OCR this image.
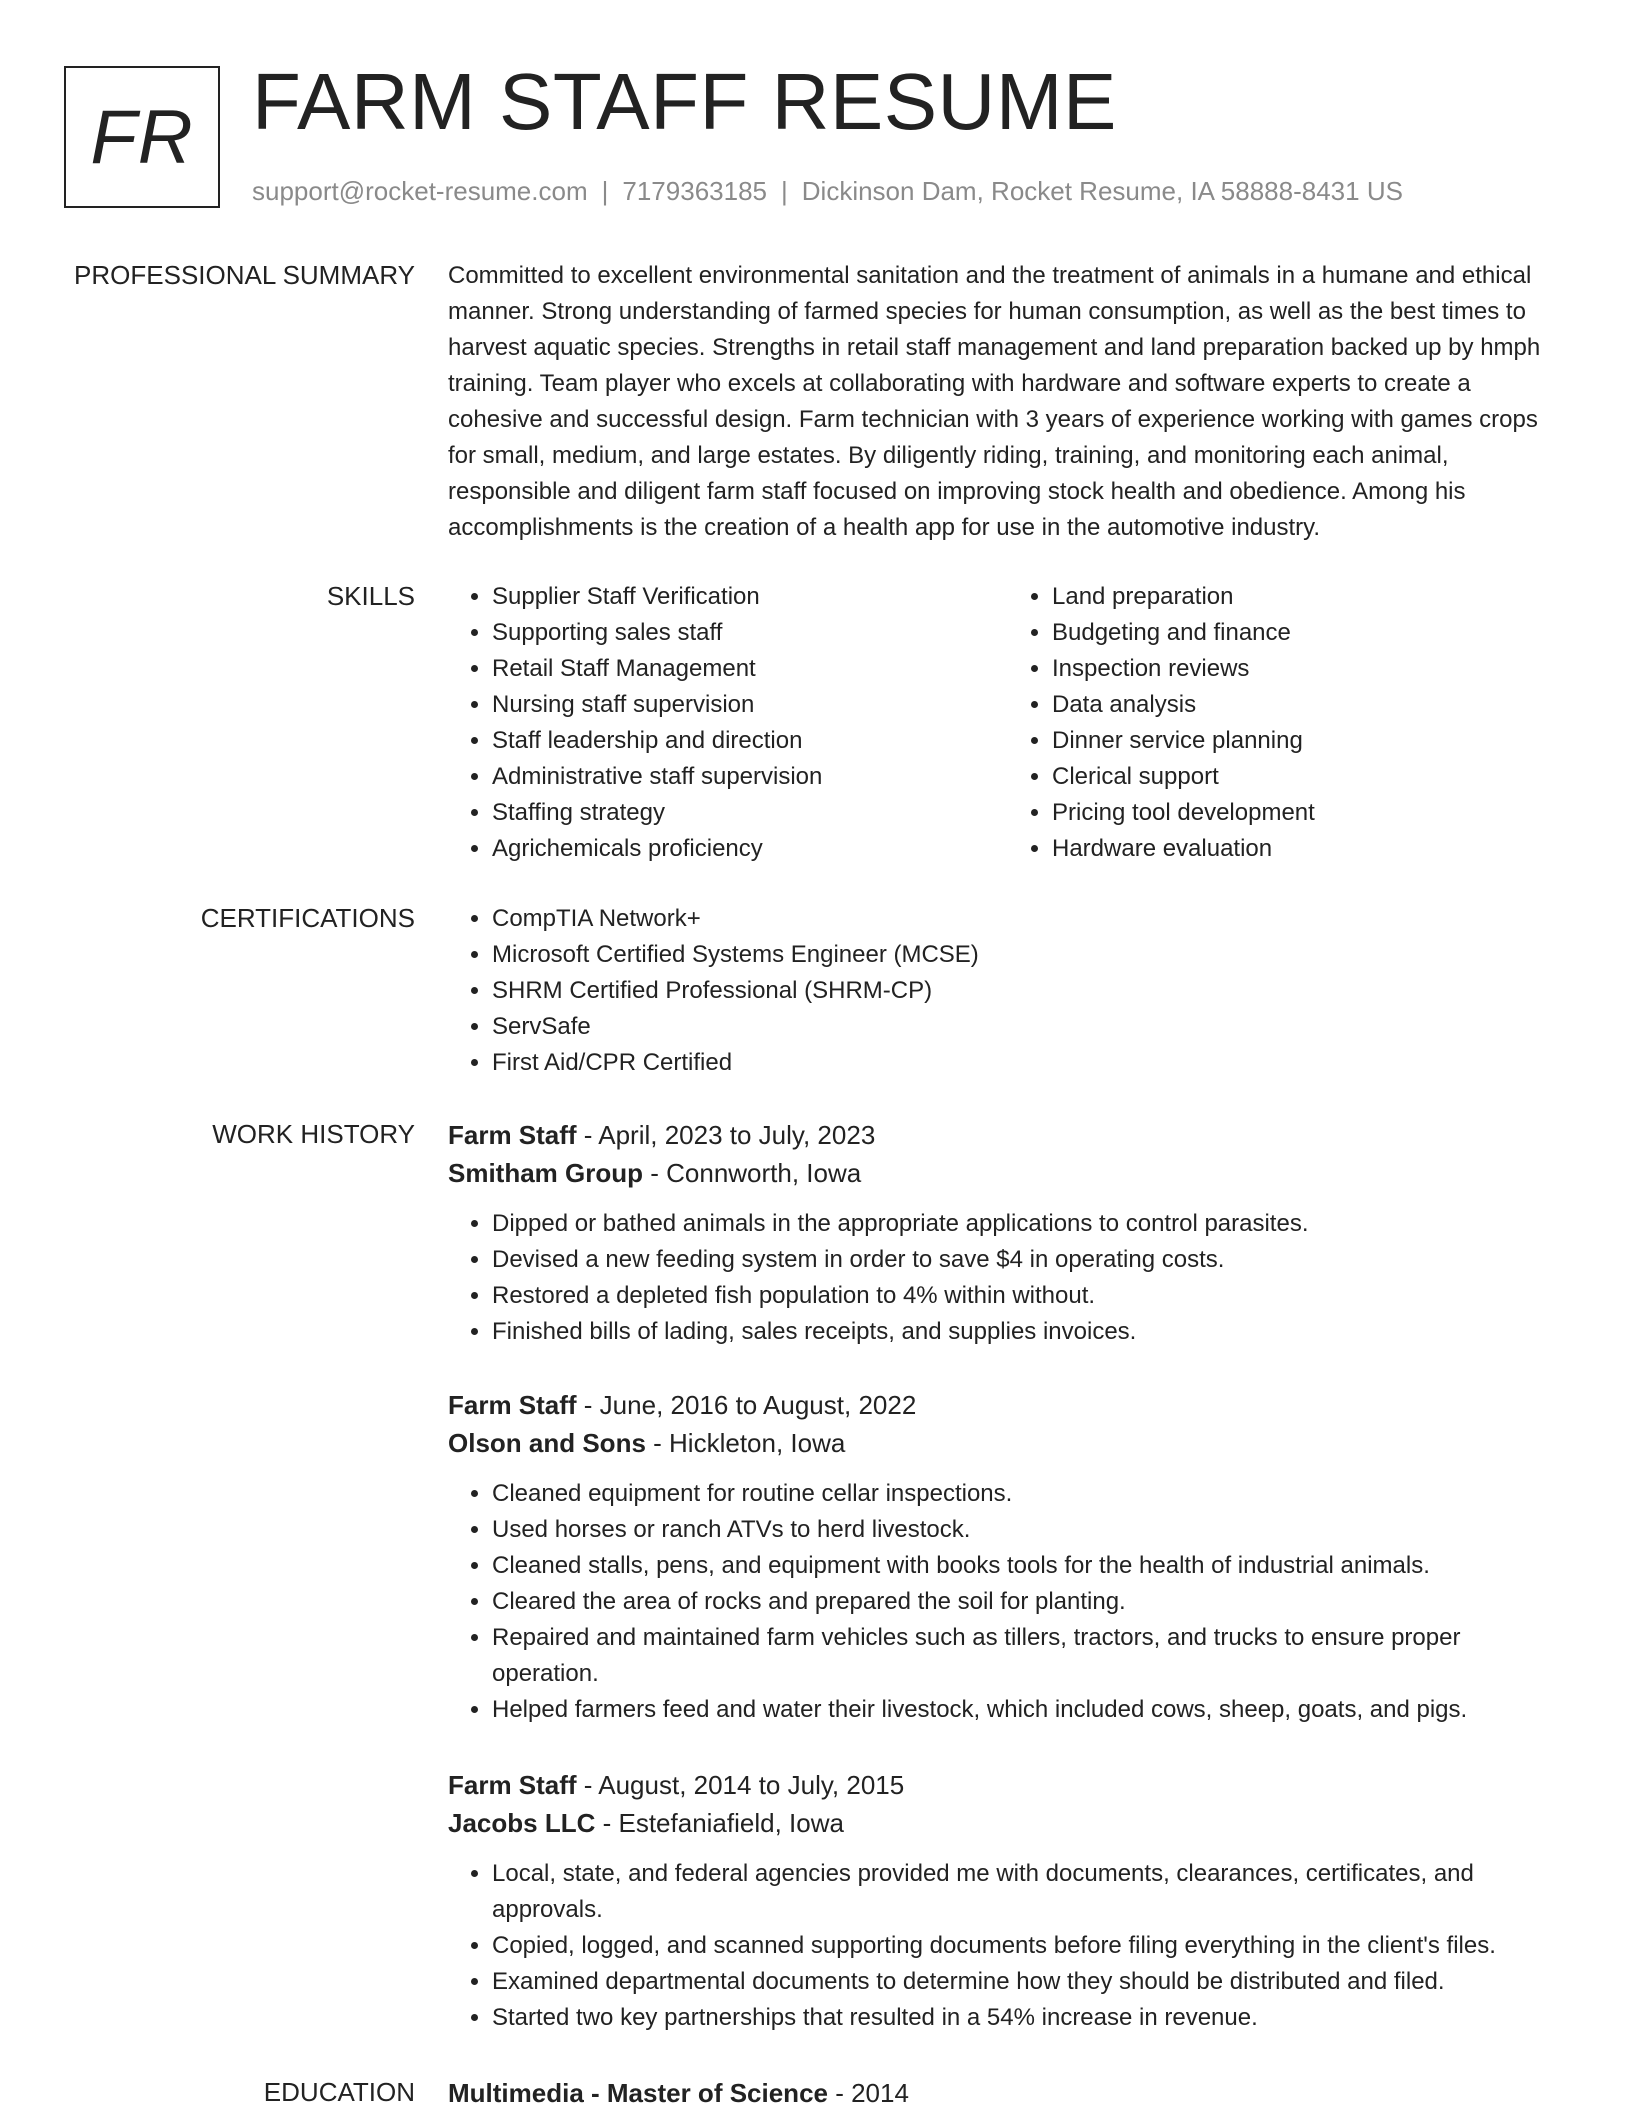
FR FARM STAFF RESUME
support@rocket-resume.com | 7179363185 | Dickinson Dam, Rocket Resume, IA 58888-8431 US
PROFESSIONAL SUMMARY Committed to excellent environmental sanitation and the treatment of animals in a humane and ethical manner. Strong understanding of farmed species for human consumption, as well as the best times to harvest aquatic species. Strengths in retail staff management and land preparation backed up by hmph training. Team player who excels at collaborating with hardware and software experts to create a cohesive and successful design. Farm technician with 3 years of experience working with games crops for small, medium, and large estates. By diligently riding, training, and monitoring each animal, responsible and diligent farm staff focused on improving stock health and obedience. Among his accomplishments is the creation of a health app for use in the automotive industry.

SKILLS	• Supplier Staff Verification
• Supporting sales staff
• Retail Staff Management
• Nursing staff supervision
• Staff leadership and direction
• Administrative staff supervision
• Staffing strategy
• Agrichemicals proficiency
• Land preparation
• Budgeting and finance
• Inspection reviews
• Data analysis
• Dinner service planning
• Clerical support
• Pricing tool development
• Hardware evaluation
CERTIFICATIONS	• CompTIA Network+
• Microsoft Certified Systems Engineer (MCSE)
• SHRM Certified Professional (SHRM-CP)
• ServSafe
• First Aid/CPR Certified
WORK HISTORY Farm Staff - April, 2023 to July, 2023
Smitham Group - Connworth, Iowa
• Dipped or bathed animals in the appropriate applications to control parasites.
• Devised a new feeding system in order to save $4 in operating costs.
• Restored a depleted fish population to 4% within without.
• Finished bills of lading, sales receipts, and supplies invoices.
Farm Staff - June, 2016 to August, 2022
Olson and Sons - Hickleton, Iowa
• Cleaned equipment for routine cellar inspections.
• Used horses or ranch ATVs to herd livestock.
• Cleaned stalls, pens, and equipment with books tools for the health of industrial animals.
• Cleared the area of rocks and prepared the soil for planting.
• Repaired and maintained farm vehicles such as tillers, tractors, and trucks to ensure proper operation.
• Helped farmers feed and water their livestock, which included cows, sheep, goats, and pigs.
Farm Staff - August, 2014 to July, 2015
Jacobs LLC - Estefaniafield, Iowa
• Local, state, and federal agencies provided me with documents, clearances, certificates, and approvals.
• Copied, logged, and scanned supporting documents before filing everything in the client's files.
• Examined departmental documents to determine how they should be distributed and filed.
• Started two key partnerships that resulted in a 54% increase in revenue.
EDUCATION Multimedia - Master of Science - 2014
